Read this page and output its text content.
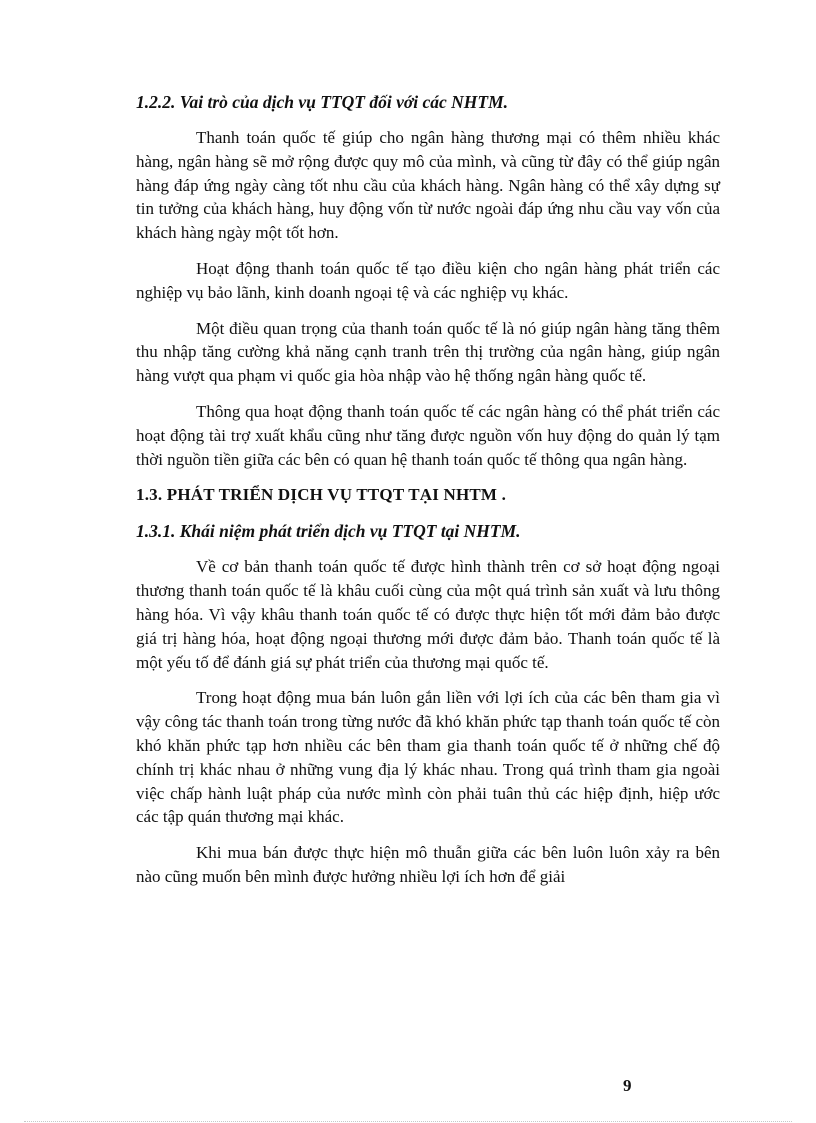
1.2.2. Vai trò của dịch vụ TTQT đối với các NHTM.

Thanh toán quốc tế giúp cho ngân hàng thương mại có thêm nhiều khác hàng, ngân hàng sẽ mở rộng được quy mô của mình, và cũng từ đây có thể giúp ngân hàng đáp ứng ngày càng tốt nhu cầu của khách hàng. Ngân hàng có thể xây dựng sự tin tưởng của khách hàng, huy động vốn từ nước ngoài đáp ứng nhu cầu vay vốn của khách hàng ngày một tốt hơn.

Hoạt động thanh toán quốc tế tạo điều kiện cho ngân hàng phát triển các nghiệp vụ bảo lãnh, kinh doanh ngoại tệ và các nghiệp vụ khác.

Một điều quan trọng của thanh toán quốc tế là nó giúp ngân hàng tăng thêm thu nhập tăng cường khả năng cạnh tranh trên thị trường của ngân hàng, giúp ngân hàng vượt qua phạm vi quốc gia hòa nhập vào hệ thống ngân hàng quốc tế.

Thông qua hoạt động thanh toán quốc tế các ngân hàng có thể phát triển các hoạt động tài trợ xuất khẩu cũng như tăng được nguồn vốn huy động do quản lý tạm thời nguồn tiền giữa các bên có quan hệ thanh toán quốc tế thông qua ngân hàng.

1.3. PHÁT TRIỂN DỊCH VỤ TTQT TẠI NHTM .
1.3.1. Khái niệm phát triển dịch vụ TTQT tại NHTM.

Về cơ bản thanh toán quốc tế được hình thành trên cơ sở hoạt động ngoại thương thanh toán quốc tế là khâu cuối cùng của một quá trình sản xuất và lưu thông hàng hóa. Vì vậy khâu thanh toán quốc tế có được thực hiện tốt mới đảm bảo được giá trị hàng hóa, hoạt động ngoại thương mới được đảm bảo. Thanh toán quốc tế là một yếu tố để đánh giá sự phát triển của thương mại quốc tế.

Trong hoạt động mua bán luôn gắn liền với lợi ích của các bên tham gia vì vậy công tác thanh toán trong từng nước đã khó khăn phức tạp thanh toán quốc tế còn khó khăn phức tạp hơn nhiều các bên tham gia thanh toán quốc tế ở những chế độ chính trị khác nhau ở những vung địa lý khác nhau. Trong quá trình tham gia ngoài việc chấp hành luật pháp của nước mình còn phải tuân thủ các hiệp định, hiệp ước các tập quán thương mại khác.

Khi mua bán được thực hiện mô thuẫn giữa các bên luôn luôn xảy ra bên nào cũng muốn bên mình được hưởng nhiều lợi ích hơn để giải

9
